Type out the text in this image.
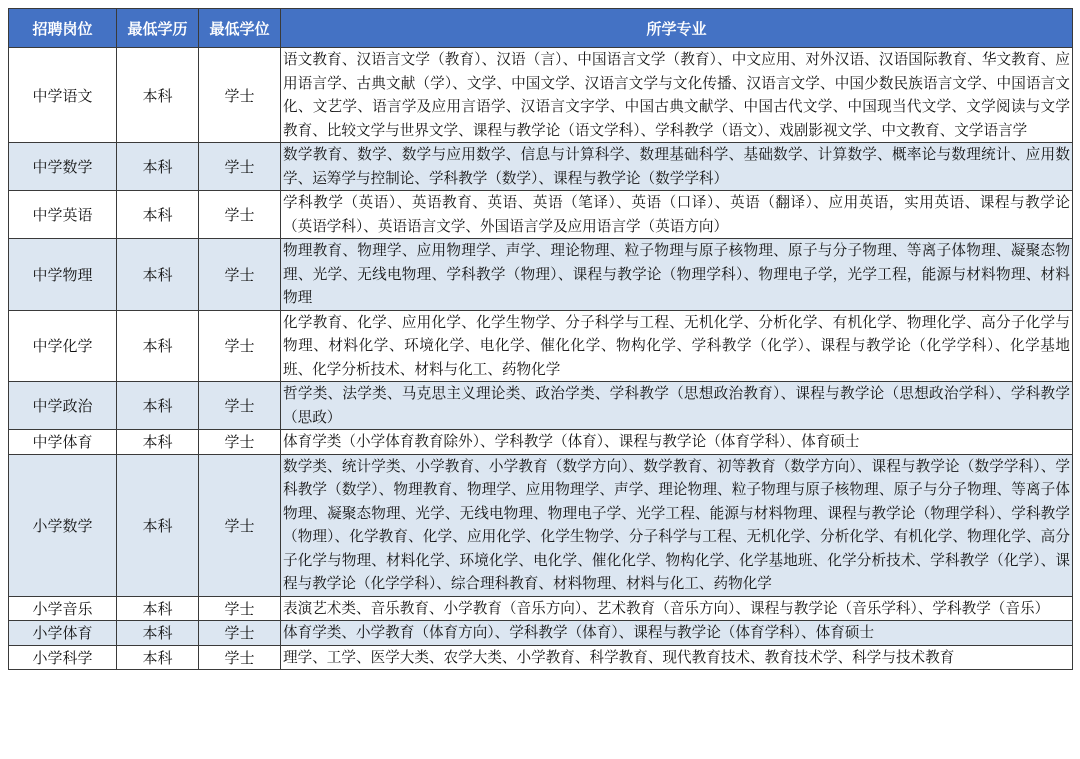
招聘岗位	最低学历	最低学位	所学专业
中学语文	本科	学士	语文教育、汉语言文学（教育）、汉语（言）、中国语言文学（教育）、中文应用、对外汉语、汉语国际教育、华文教育、应用语言学、古典文献（学）、文学、中国文学、汉语言文学与文化传播、汉语言文学、中国少数民族语言文学、中国语言文化、文艺学、语言学及应用言语学、汉语言文字学、中国古典文献学、中国古代文学、中国现当代文学、文学阅读与文学教育、比较文学与世界文学、课程与教学论（语文学科）、学科教学（语文）、戏剧影视文学、中文教育、文学语言学
中学数学	本科	学士	数学教育、数学、数学与应用数学、信息与计算科学、数理基础科学、基础数学、计算数学、概率论与数理统计、应用数学、运筹学与控制论、学科教学（数学）、课程与教学论（数学学科）
中学英语	本科	学士	学科教学（英语）、英语教育、英语、英语（笔译）、英语（口译）、英语（翻译）、应用英语，实用英语、课程与教学论（英语学科）、英语语言文学、外国语言学及应用语言学（英语方向）
中学物理	本科	学士	物理教育、物理学、应用物理学、声学、理论物理、粒子物理与原子核物理、原子与分子物理、等离子体物理、凝聚态物理、光学、无线电物理、学科教学（物理）、课程与教学论（物理学科）、物理电子学，光学工程，能源与材料物理、材料物理
中学化学	本科	学士	化学教育、化学、应用化学、化学生物学、分子科学与工程、无机化学、分析化学、有机化学、物理化学、高分子化学与物理、材料化学、环境化学、电化学、催化化学、物构化学、学科教学（化学）、课程与教学论（化学学科）、化学基地班、化学分析技术、材料与化工、药物化学
中学政治	本科	学士	哲学类、法学类、马克思主义理论类、政治学类、学科教学（思想政治教育）、课程与教学论（思想政治学科）、学科教学（思政）
中学体育	本科	学士	体育学类（小学体育教育除外）、学科教学（体育）、课程与教学论（体育学科）、体育硕士
小学数学	本科	学士	数学类、统计学类、小学教育、小学教育（数学方向）、数学教育、初等教育（数学方向）、课程与教学论（数学学科）、学科教学（数学）、物理教育、物理学、应用物理学、声学、理论物理、粒子物理与原子核物理、原子与分子物理、等离子体物理、凝聚态物理、光学、无线电物理、物理电子学、光学工程、能源与材料物理、课程与教学论（物理学科）、学科教学（物理）、化学教育、化学、应用化学、化学生物学、分子科学与工程、无机化学、分析化学、有机化学、物理化学、高分子化学与物理、材料化学、环境化学、电化学、催化化学、物构化学、化学基地班、化学分析技术、学科教学（化学）、课程与教学论（化学学科）、综合理科教育、材料物理、材料与化工、药物化学
小学音乐	本科	学士	表演艺术类、音乐教育、小学教育（音乐方向）、艺术教育（音乐方向）、课程与教学论（音乐学科）、学科教学（音乐）
小学体育	本科	学士	体育学类、小学教育（体育方向）、学科教学（体育）、课程与教学论（体育学科）、体育硕士
小学科学	本科	学士	理学、工学、医学大类、农学大类、小学教育、科学教育、现代教育技术、教育技术学、科学与技术教育
